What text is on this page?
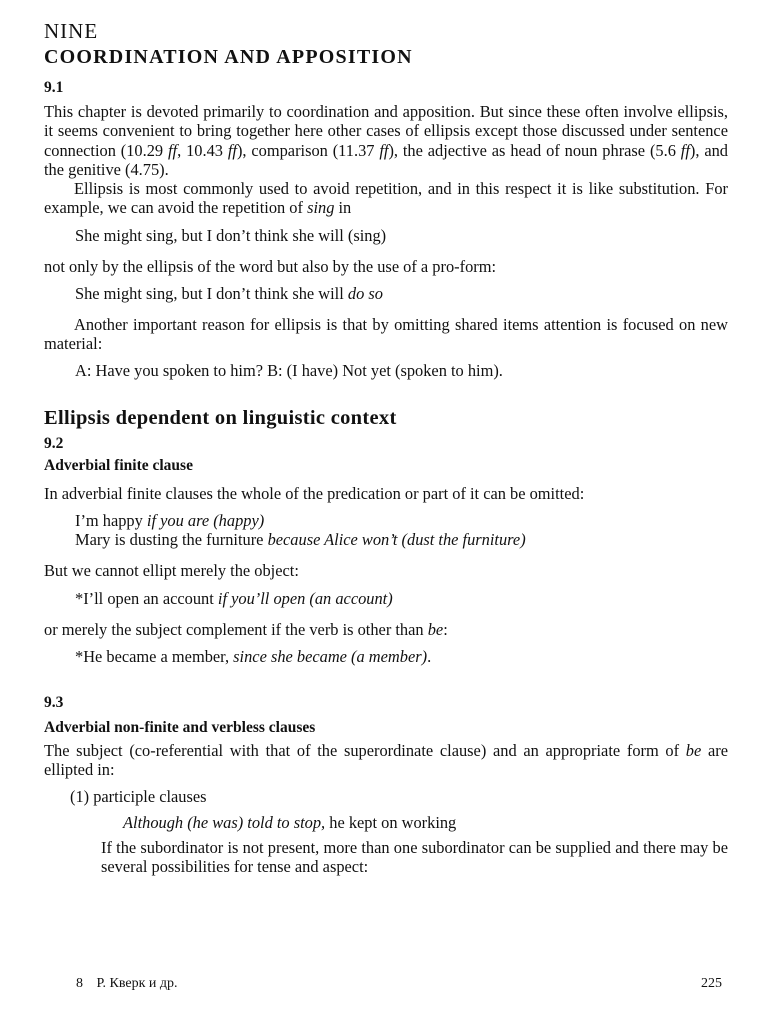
NINE
COORDINATION AND APPOSITION
9.1

This chapter is devoted primarily to coordination and apposition. But since these often involve ellipsis, it seems convenient to bring together here other cases of ellipsis except those discussed under sentence connection (10.29 ff, 10.43 ff), comparison (11.37 ff), the adjective as head of noun phrase (5.6 ff), and the genitive (4.75).

Ellipsis is most commonly used to avoid repetition, and in this respect it is like substitution. For example, we can avoid the repetition of sing in

She might sing, but I don’t think she will (sing)

not only by the ellipsis of the word but also by the use of a pro-form:

She might sing, but I don’t think she will do so

Another important reason for ellipsis is that by omitting shared items attention is focused on new material:

A: Have you spoken to him? B: (I have) Not yet (spoken to him).
Ellipsis dependent on linguistic context
9.2
Adverbial finite clause

In adverbial finite clauses the whole of the predication or part of it can be omitted:

I’m happy if you are (happy)
Mary is dusting the furniture because Alice won’t (dust the furniture)

But we cannot ellipt merely the object:

*I’ll open an account if you’ll open (an account)

or merely the subject complement if the verb is other than be:

*He became a member, since she became (a member).
9.3
Adverbial non-finite and verbless clauses

The subject (co-referential with that of the superordinate clause) and an appropriate form of be are ellipted in:

(1) participle clauses
Although (he was) told to stop, he kept on working

If the subordinator is not present, more than one subordinator can be supplied and there may be several possibilities for tense and aspect:

8 Р. Кверк и др.	225
